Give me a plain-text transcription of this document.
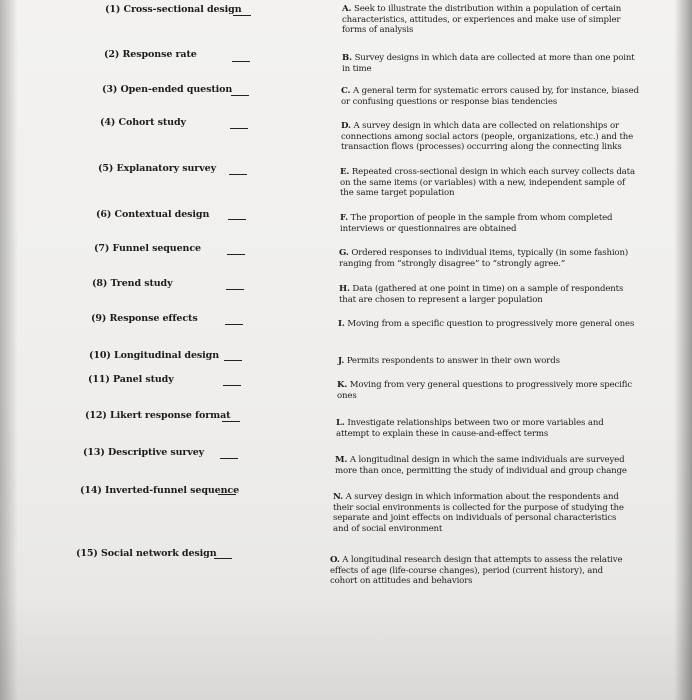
(1) Cross-sectional design
(2) Response rate
(3) Open-ended question
(4) Cohort study
(5) Explanatory survey
(6) Contextual design
(7) Funnel sequence
(8) Trend study
(9) Response effects
(10) Longitudinal design
(11) Panel study
(12) Likert response format
(13) Descriptive survey
(14) Inverted-funnel sequence
(15) Social network design
A. Seek to illustrate the distribution within a population of certain characteristics, attitudes, or experiences and make use of simpler forms of analysis
B. Survey designs in which data are collected at more than one point in time
C. A general term for systematic errors caused by, for instance, biased or confusing questions or response bias tendencies
D. A survey design in which data are collected on relationships or connections among social actors (people, organizations, etc.) and the transaction flows (processes) occurring along the connecting links
E. Repeated cross-sectional design in which each survey collects data on the same items (or variables) with a new, independent sample of the same target population
F. The proportion of people in the sample from whom completed interviews or questionnaires are obtained
G. Ordered responses to individual items, typically (in some fashion) ranging from “strongly disagree” to “strongly agree.”
H. Data (gathered at one point in time) on a sample of respondents that are chosen to represent a larger population
I. Moving from a specific question to progressively more general ones
J. Permits respondents to answer in their own words
K. Moving from very general questions to progressively more specific ones
L. Investigate relationships between two or more variables and attempt to explain these in cause-and-effect terms
M. A longitudinal design in which the same individuals are surveyed more than once, permitting the study of individual and group change
N. A survey design in which information about the respondents and their social environments is collected for the purpose of studying the separate and joint effects on individuals of personal characteristics and of social environment
O. A longitudinal research design that attempts to assess the relative effects of age (life-course changes), period (current history), and cohort on attitudes and behaviors
